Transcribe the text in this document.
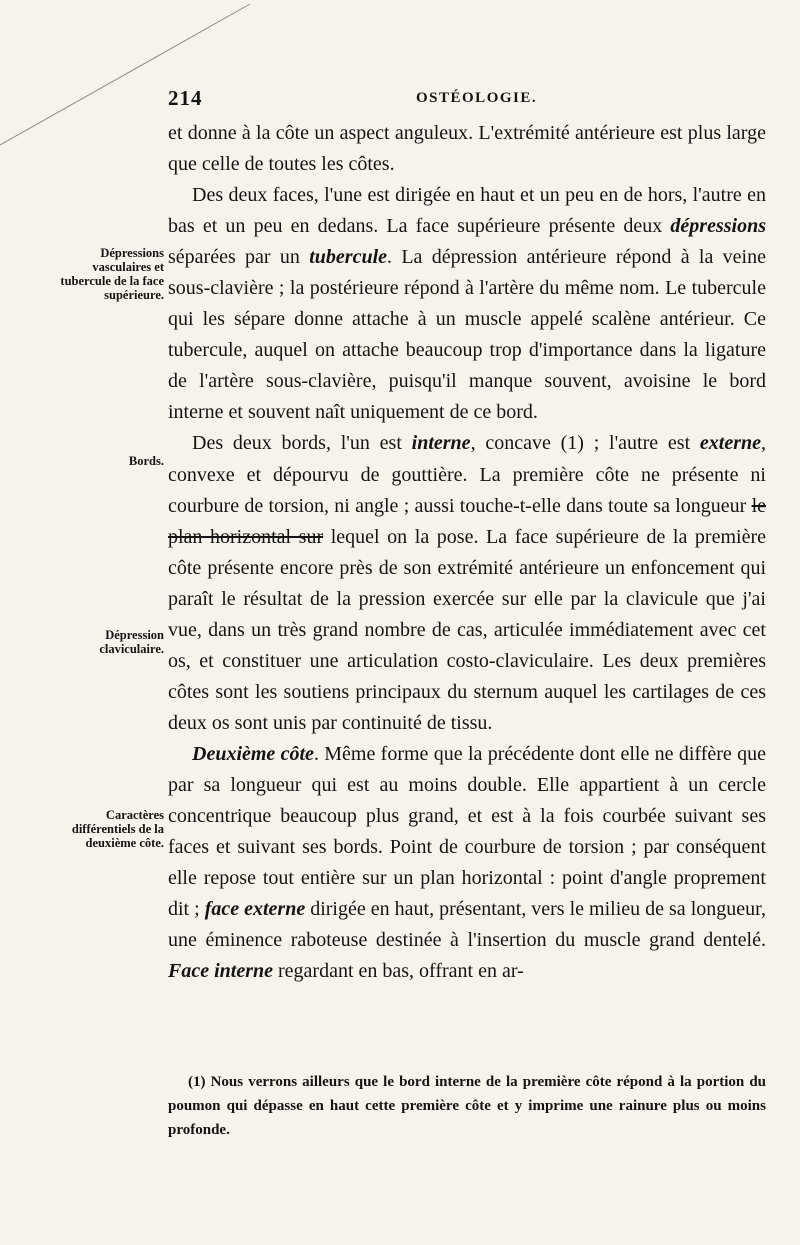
214	OSTÉOLOGIE.

et donne à la côte un aspect anguleux. L'extrémité antérieure est plus large que celle de toutes les côtes.

Des deux faces, l'une est dirigée en haut et un peu en de hors, l'autre en bas et un peu en dedans. La face supérieure présente deux dépressions séparées par un tubercule. La dépression antérieure répond à la veine sous-clavière ; la postérieure répond à l'artère du même nom. Le tubercule qui les sépare donne attache à un muscle appelé scalène antérieur. Ce tubercule, auquel on attache beaucoup trop d'importance dans la ligature de l'artère sous-clavière, puisqu'il manque souvent, avoisine le bord interne et souvent naît uniquement de ce bord.

Des deux bords, l'un est interne, concave (1) ; l'autre est externe, convexe et dépourvu de gouttière. La première côte ne présente ni courbure de torsion, ni angle ; aussi touche-t-elle dans toute sa longueur le plan horizontal sur lequel on la pose. La face supérieure de la première côte présente encore près de son extrémité antérieure un enfoncement qui paraît le résultat de la pression exercée sur elle par la clavicule que j'ai vue, dans un très grand nombre de cas, articulée immédiatement avec cet os, et constituer une articulation costo-claviculaire. Les deux premières côtes sont les soutiens principaux du sternum auquel les cartilages de ces deux os sont unis par continuité de tissu.

Deuxième côte. Même forme que la précédente dont elle ne diffère que par sa longueur qui est au moins double. Elle appartient à un cercle concentrique beaucoup plus grand, et est à la fois courbée suivant ses faces et suivant ses bords. Point de courbure de torsion ; par conséquent elle repose tout entière sur un plan horizontal : point d'angle proprement dit ; face externe dirigée en haut, présentant, vers le milieu de sa longueur, une éminence raboteuse destinée à l'insertion du muscle grand dentelé. Face interne regardant en bas, offrant en ar-

Dépressions vasculaires et tubercule de la face supérieure.
Bords.
Dépression claviculaire.
Caractères différentiels de la deuxième côte.
(1) Nous verrons ailleurs que le bord interne de la première côte répond à la portion du poumon qui dépasse en haut cette première côte et y imprime une rainure plus ou moins profonde.
